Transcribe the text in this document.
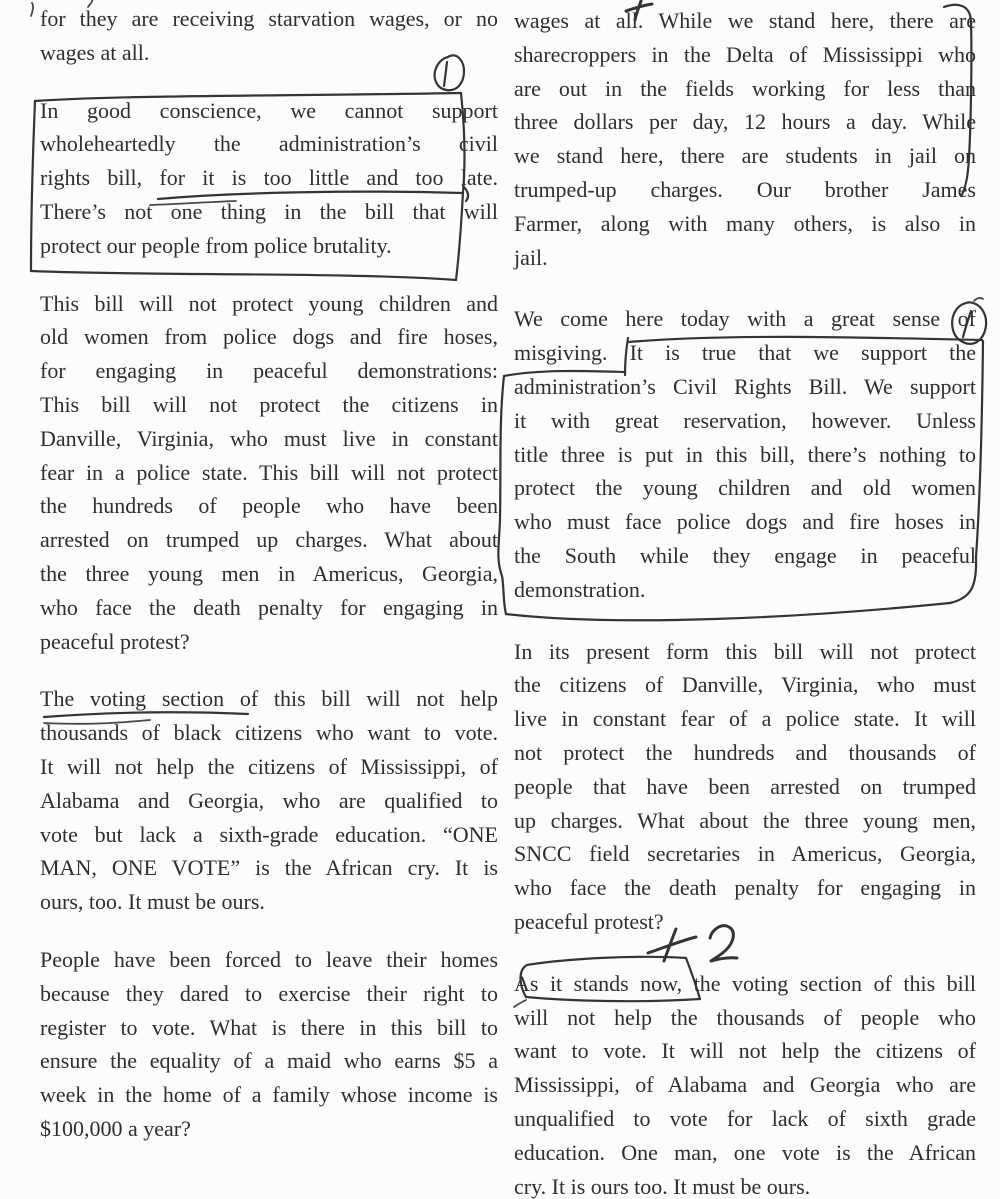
for they are receiving starvation wages, or no
wages at all.
In good conscience, we cannot support
wholeheartedly the administration’s civil
rights bill, for it is too little and too late.
There’s not one thing in the bill that will
protect our people from police brutality.
This bill will not protect young children and
old women from police dogs and fire hoses,
for engaging in peaceful demonstrations:
This bill will not protect the citizens in
Danville, Virginia, who must live in constant
fear in a police state. This bill will not protect
the hundreds of people who have been
arrested on trumped up charges. What about
the three young men in Americus, Georgia,
who face the death penalty for engaging in
peaceful protest?
The voting section of this bill will not help
thousands of black citizens who want to vote.
It will not help the citizens of Mississippi, of
Alabama and Georgia, who are qualified to
vote but lack a sixth-grade education. “ONE
MAN, ONE VOTE” is the African cry. It is
ours, too. It must be ours.
People have been forced to leave their homes
because they dared to exercise their right to
register to vote. What is there in this bill to
ensure the equality of a maid who earns $5 a
week in the home of a family whose income is
$100,000 a year?
wages at all. While we stand here, there are
sharecroppers in the Delta of Mississippi who
are out in the fields working for less than
three dollars per day, 12 hours a day. While
we stand here, there are students in jail on
trumped-up charges. Our brother James
Farmer, along with many others, is also in
jail.
We come here today with a great sense of
misgiving. It is true that we support the
administration’s Civil Rights Bill. We support
it with great reservation, however. Unless
title three is put in this bill, there’s nothing to
protect the young children and old women
who must face police dogs and fire hoses in
the South while they engage in peaceful
demonstration.
In its present form this bill will not protect
the citizens of Danville, Virginia, who must
live in constant fear of a police state. It will
not protect the hundreds and thousands of
people that have been arrested on trumped
up charges. What about the three young men,
SNCC field secretaries in Americus, Georgia,
who face the death penalty for engaging in
peaceful protest?
As it stands now, the voting section of this bill
will not help the thousands of people who
want to vote. It will not help the citizens of
Mississippi, of Alabama and Georgia who are
unqualified to vote for lack of sixth grade
education. One man, one vote is the African
cry. It is ours too. It must be ours.
